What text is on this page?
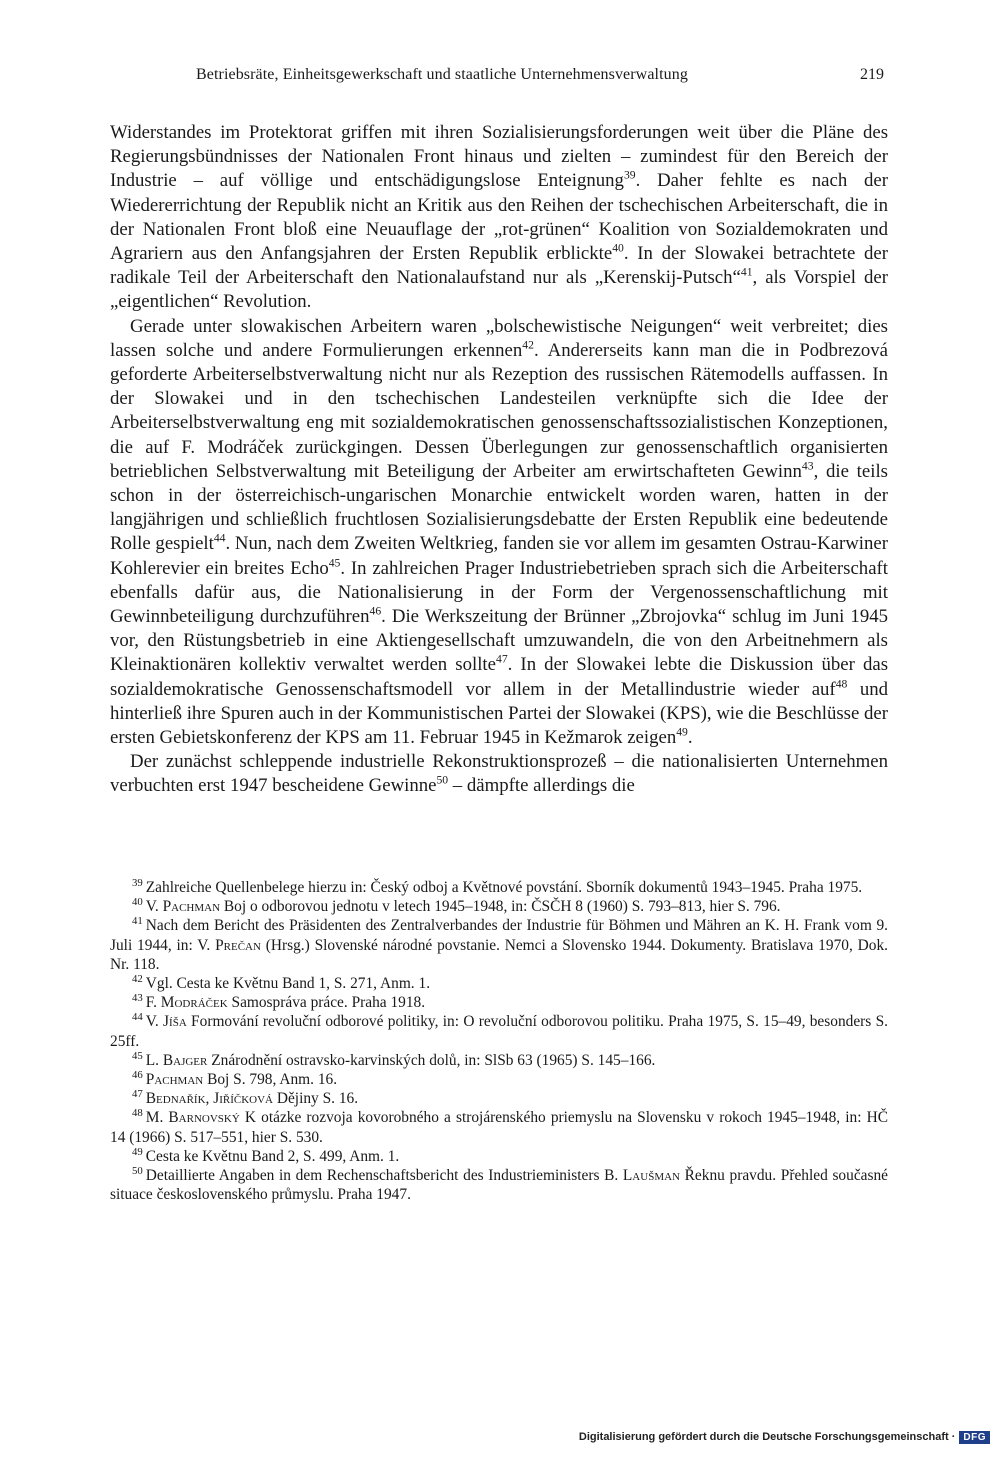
Betriebsräte, Einheitsgewerkschaft und staatliche Unternehmensverwaltung	219

Widerstandes im Protektorat griffen mit ihren Sozialisierungsforderungen weit über die Pläne des Regierungsbündnisses der Nationalen Front hinaus und zielten – zumindest für den Bereich der Industrie – auf völlige und entschädigungslose Enteignung$^{39}$. Daher fehlte es nach der Wiedererrichtung der Republik nicht an Kritik aus den Reihen der tschechischen Arbeiterschaft, die in der Nationalen Front bloß eine Neuauflage der „rot-grünen“ Koalition von Sozialdemokraten und Agrariern aus den Anfangsjahren der Ersten Republik erblickte$^{40}$. In der Slowakei betrachtete der radikale Teil der Arbeiterschaft den Nationalaufstand nur als „Kerenskij-Putsch“$^{41}$, als Vorspiel der „eigentlichen“ Revolution.

Gerade unter slowakischen Arbeitern waren „bolschewistische Neigungen“ weit verbreitet; dies lassen solche und andere Formulierungen erkennen$^{42}$. Andererseits kann man die in Podbrezová geforderte Arbeiterselbstverwaltung nicht nur als Rezeption des russischen Rätemodells auffassen. In der Slowakei und in den tschechischen Landesteilen verknüpfte sich die Idee der Arbeiterselbstverwaltung eng mit sozialdemokratischen genossenschaftssozialistischen Konzeptionen, die auf F. Modráček zurückgingen. Dessen Überlegungen zur genossenschaftlich organisierten betrieblichen Selbstverwaltung mit Beteiligung der Arbeiter am erwirtschafteten Gewinn$^{43}$, die teils schon in der österreichisch-ungarischen Monarchie entwickelt worden waren, hatten in der langjährigen und schließlich fruchtlosen Sozialisierungsdebatte der Ersten Republik eine bedeutende Rolle gespielt$^{44}$. Nun, nach dem Zweiten Weltkrieg, fanden sie vor allem im gesamten Ostrau-Karwiner Kohlerevier ein breites Echo$^{45}$. In zahlreichen Prager Industriebetrieben sprach sich die Arbeiterschaft ebenfalls dafür aus, die Nationalisierung in der Form der Vergenossenschaftlichung mit Gewinnbeteiligung durchzuführen$^{46}$. Die Werkszeitung der Brünner „Zbrojovka“ schlug im Juni 1945 vor, den Rüstungsbetrieb in eine Aktiengesellschaft umzuwandeln, die von den Arbeitnehmern als Kleinaktionären kollektiv verwaltet werden sollte$^{47}$. In der Slowakei lebte die Diskussion über das sozialdemokratische Genossenschaftsmodell vor allem in der Metallindustrie wieder auf$^{48}$ und hinterließ ihre Spuren auch in der Kommunistischen Partei der Slowakei (KPS), wie die Beschlüsse der ersten Gebietskonferenz der KPS am 11. Februar 1945 in Kežmarok zeigen$^{49}$.

Der zunächst schleppende industrielle Rekonstruktionsprozeß – die nationalisierten Unternehmen verbuchten erst 1947 bescheidene Gewinne$^{50}$ – dämpfte allerdings die

$^{39}$ Zahlreiche Quellenbelege hierzu in: Český odboj a Květnové povstání. Sborník dokumentů 1943–1945. Praha 1975.

$^{40}$ V. Pachman Boj o odborovou jednotu v letech 1945–1948, in: ČSČH 8 (1960) S. 793–813, hier S. 796.

$^{41}$ Nach dem Bericht des Präsidenten des Zentralverbandes der Industrie für Böhmen und Mähren an K. H. Frank vom 9. Juli 1944, in: V. Prečan (Hrsg.) Slovenské národné povstanie. Nemci a Slovensko 1944. Dokumenty. Bratislava 1970, Dok. Nr. 118.

$^{42}$ Vgl. Cesta ke Květnu Band 1, S. 271, Anm. 1.

$^{43}$ F. Modráček Samospráva práce. Praha 1918.

$^{44}$ V. Jíša Formování revoluční odborové politiky, in: O revoluční odborovou politiku. Praha 1975, S. 15–49, besonders S. 25ff.

$^{45}$ L. Bajger Znárodnění ostravsko-karvinských dolů, in: SlSb 63 (1965) S. 145–166.

$^{46}$ Pachman Boj S. 798, Anm. 16.

$^{47}$ Bednařík, Jiříčková Dějiny S. 16.

$^{48}$ M. Barnovský K otázke rozvoja kovorobného a strojárenského priemyslu na Slovensku v rokoch 1945–1948, in: HČ 14 (1966) S. 517–551, hier S. 530.

$^{49}$ Cesta ke Květnu Band 2, S. 499, Anm. 1.

$^{50}$ Detaillierte Angaben in dem Rechenschaftsbericht des Industrieministers B. Laušman Řeknu pravdu. Přehled současné situace československého průmyslu. Praha 1947.

Digitalisierung gefördert durch die Deutsche Forschungsgemeinschaft · DFG
